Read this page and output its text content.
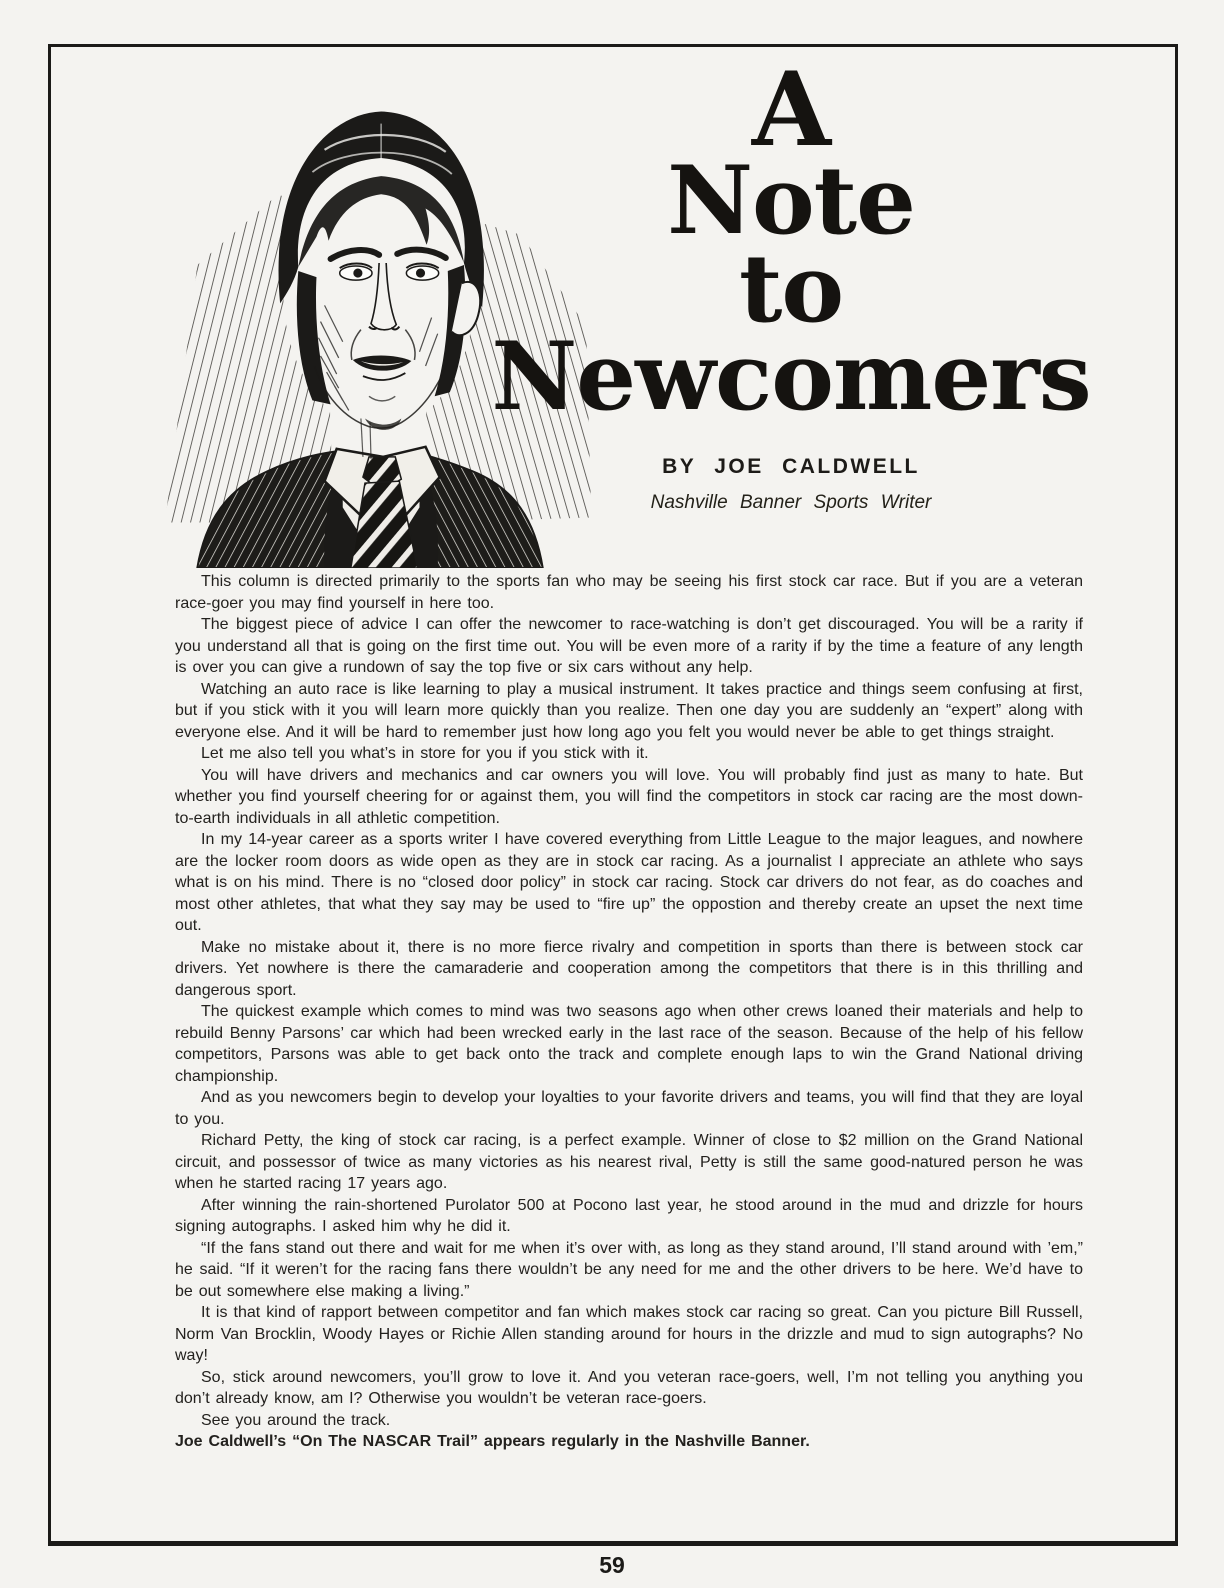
A
Note
to
Newcomers
BY JOE CALDWELL
Nashville Banner Sports Writer

This column is directed primarily to the sports fan who may be seeing his first stock car race. But if you are a veteran race-goer you may find yourself in here too.

The biggest piece of advice I can offer the newcomer to race-watching is don’t get discouraged. You will be a rarity if you understand all that is going on the first time out. You will be even more of a rarity if by the time a feature of any length is over you can give a rundown of say the top five or six cars without any help.

Watching an auto race is like learning to play a musical instrument. It takes practice and things seem confusing at first, but if you stick with it you will learn more quickly than you realize. Then one day you are suddenly an “expert” along with everyone else. And it will be hard to remember just how long ago you felt you would never be able to get things straight.

Let me also tell you what’s in store for you if you stick with it.

You will have drivers and mechanics and car owners you will love. You will probably find just as many to hate. But whether you find yourself cheering for or against them, you will find the competitors in stock car racing are the most down-to-earth individuals in all athletic competition.

In my 14-year career as a sports writer I have covered everything from Little League to the major leagues, and nowhere are the locker room doors as wide open as they are in stock car racing. As a journalist I appreciate an athlete who says what is on his mind. There is no “closed door policy” in stock car racing. Stock car drivers do not fear, as do coaches and most other athletes, that what they say may be used to “fire up” the oppostion and thereby create an upset the next time out.

Make no mistake about it, there is no more fierce rivalry and competition in sports than there is between stock car drivers. Yet nowhere is there the camaraderie and cooperation among the competitors that there is in this thrilling and dangerous sport.

The quickest example which comes to mind was two seasons ago when other crews loaned their materials and help to rebuild Benny Parsons’ car which had been wrecked early in the last race of the season. Because of the help of his fellow competitors, Parsons was able to get back onto the track and complete enough laps to win the Grand National driving championship.

And as you newcomers begin to develop your loyalties to your favorite drivers and teams, you will find that they are loyal to you.

Richard Petty, the king of stock car racing, is a perfect example. Winner of close to $2 million on the Grand National circuit, and possessor of twice as many victories as his nearest rival, Petty is still the same good-natured person he was when he started racing 17 years ago.

After winning the rain-shortened Purolator 500 at Pocono last year, he stood around in the mud and drizzle for hours signing autographs. I asked him why he did it.

“If the fans stand out there and wait for me when it’s over with, as long as they stand around, I’ll stand around with ’em,” he said. “If it weren’t for the racing fans there wouldn’t be any need for me and the other drivers to be here. We’d have to be out somewhere else making a living.”

It is that kind of rapport between competitor and fan which makes stock car racing so great. Can you picture Bill Russell, Norm Van Brocklin, Woody Hayes or Richie Allen standing around for hours in the drizzle and mud to sign autographs? No way!

So, stick around newcomers, you’ll grow to love it. And you veteran race-goers, well, I’m not telling you anything you don’t already know, am I? Otherwise you wouldn’t be veteran race-goers.

See you around the track.

Joe Caldwell’s “On The NASCAR Trail” appears regularly in the Nashville Banner.

59
